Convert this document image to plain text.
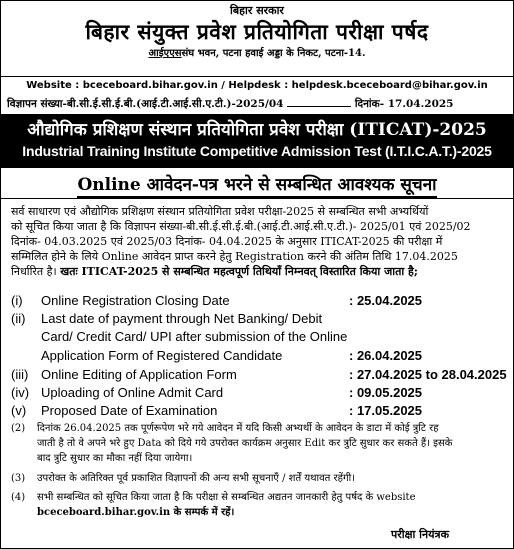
बिहार सरकार
बिहार संयुक्त प्रवेश प्रतियोगिता परीक्षा पर्षद
आईएएससंघ भवन, पटना हवाई अड्डा के निकट, पटना-14.
Website : bceceboard.bihar.gov.in / Helpdesk : helpdesk.bceceboard@bihar.gov.in
विज्ञापन संख्या-बी.सी.ई.सी.ई.बी.(आई.टी.आई.सी.ए.टी.)-2025/04	दिनांक- 17.04.2025
औद्योगिक प्रशिक्षण संस्थान प्रतियोगिता प्रवेश परीक्षा (ITICAT)-2025
Industrial Training Institute Competitive Admission Test (I.T.I.C.A.T.)-2025
Online आवेदन-पत्र भरने से सम्बन्धित आवश्यक सूचना
सर्व साधारण एवं औद्योगिक प्रशिक्षण संस्थान प्रतियोगिता प्रवेश परीक्षा-2025 से सम्बन्धित सभी अभ्यर्थियों
को सूचित किया जाता है कि विज्ञापन संख्या-बी.सी.ई.सी.ई.बी.(आई.टी.आई.सी.ए.टी.)- 2025/01 एवं 2025/02
दिनांक- 04.03.2025 एवं 2025/03 दिनांक- 04.04.2025 के अनुसार ITICAT-2025 की परीक्षा में
सम्मिलित होने के लिये Online आवेदन प्राप्त करने हेतु Registration करने की अंतिम तिथि 17.04.2025
निर्धारित है। खतः ITICAT-2025 से सम्बन्धित महत्वपूर्ण तिथियाँ निम्नवत् विस्तारित किया जाता है;
(i) Online Registration Closing Date	: 25.04.2025
(ii) Last date of payment through Net Banking/ Debit
Card/ Credit Card/ UPI after submission of the Online
Application Form of Registered Candidate	: 26.04.2025
(iii) Online Editing of Application Form	: 27.04.2025 to 28.04.2025
(iv) Uploading of Online Admit Card	: 09.05.2025
(v) Proposed Date of Examination	: 17.05.2025
(2) दिनांक 26.04.2025 तक पूर्णरूपेण भरे गये आवेदन में यदि किसी अभ्यर्थी के आवेदन के डाटा में कोई त्रुटि रह
जाती है तो वे अपने भरे हुए Data को दिये गये उपरोक्त कार्यक्रम अनुसार Edit कर त्रुटि सुधार कर सकते हैं। इसके
बाद त्रुटि सुधार का मौका नहीं दिया जायेगा।
(3) उपरोक्त के अतिरिक्त पूर्व प्रकाशित विज्ञापनों की अन्य सभी सूचनाएँ / शर्तें यथावत रहेंगी।
(4) सभी सम्बन्धित को सूचित किया जाता है कि परीक्षा से सम्बन्धित अद्यतन जानकारी हेतु पर्षद के website
bceceboard.bihar.gov.in के सम्पर्क में रहें।
परीक्षा नियंत्रक
